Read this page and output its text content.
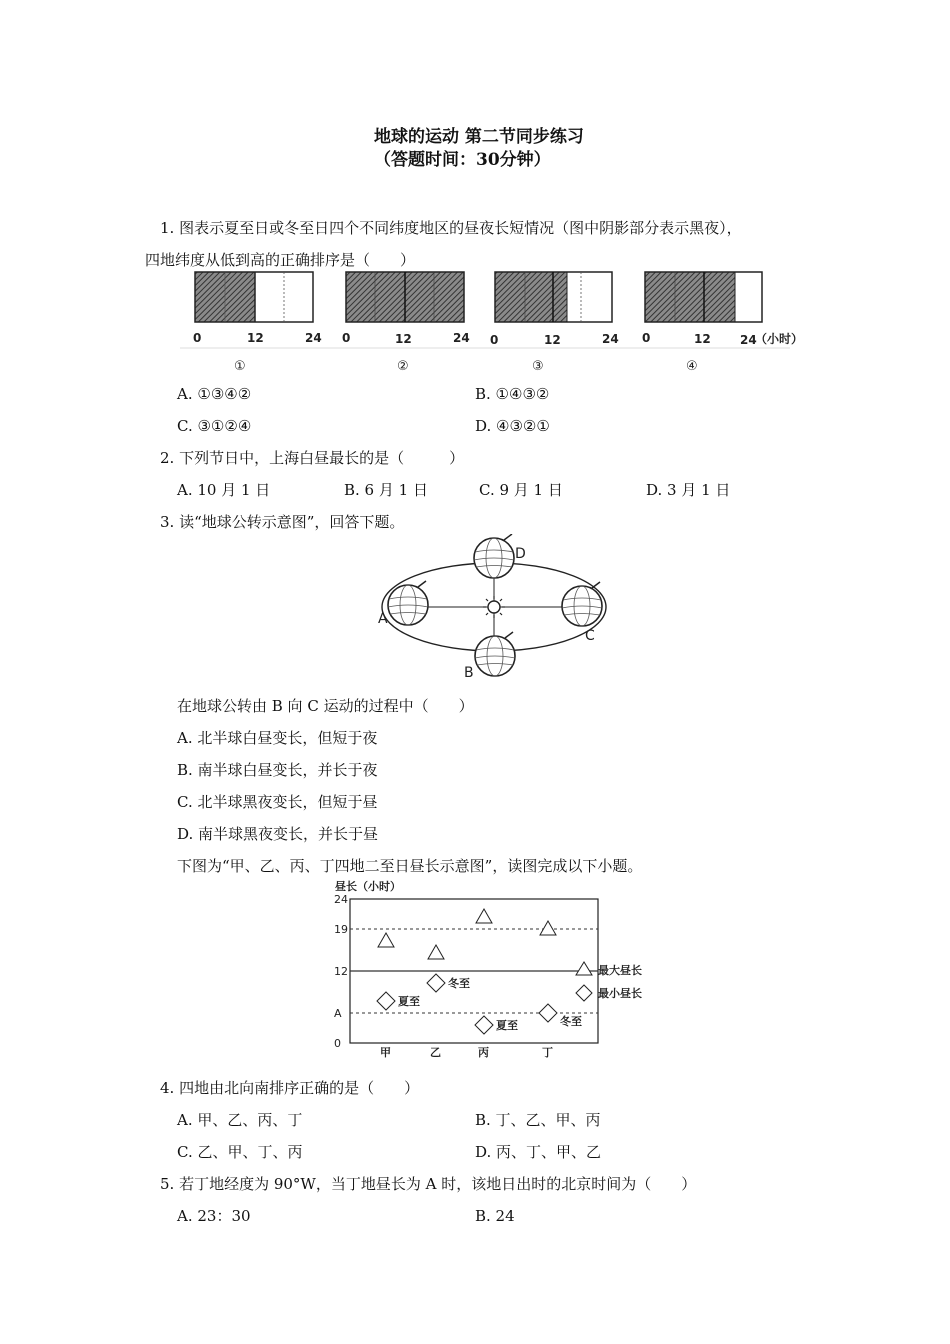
地球的运动 第二节同步练习
（答题时间：30分钟）
1. 图表示夏至日或冬至日四个不同纬度地区的昼夜长短情况（图中阴影部分表示黑夜），
四地纬度从低到高的正确排序是（　　）
0	12	24 0	12	24 0	12	24 0	12 24
（小时）
①	②	③	④
A. ①③④②	B. ①④③②
C. ③①②④	D. ④③②①
2. 下列节日中，上海白昼最长的是（　　　）
A. 10 月 1 日	B. 6 月 1 日	C. 9 月 1 日	D. 3 月 1 日
3. 读“地球公转示意图”，回答下题。
D
A
C
B
在地球公转由 B 向 C 运动的过程中（　　）
A. 北半球白昼变长，但短于夜
B. 南半球白昼变长，并长于夜
C. 北半球黑夜变长，但短于昼
D. 南半球黑夜变长，并长于昼
下图为“甲、乙、丙、丁四地二至日昼长示意图”，读图完成以下小题。
昼长（小时）
24
19
12
A
0
夏至
冬至
夏至	冬至
甲	乙	丙	丁
最大昼长
最小昼长
4. 四地由北向南排序正确的是（　　）
A. 甲、乙、丙、丁	B. 丁、乙、甲、丙
C. 乙、甲、丁、丙	D. 丙、丁、甲、乙
5. 若丁地经度为 90°W，当丁地昼长为 A 时，该地日出时的北京时间为（　　）
A. 23：30	B. 24
